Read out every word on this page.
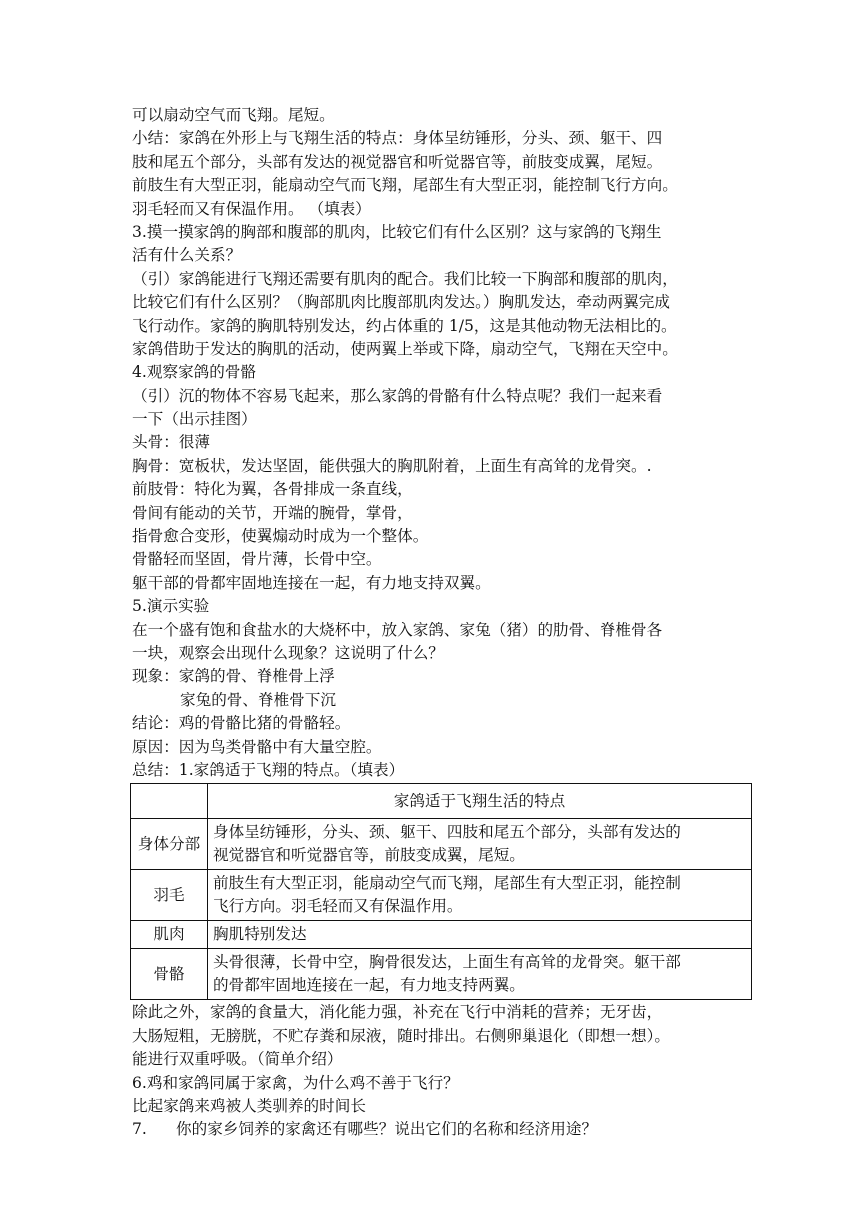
可以扇动空气而飞翔。尾短。
小结：家鸽在外形上与飞翔生活的特点：身体呈纺锤形，分头、颈、躯干、四
肢和尾五个部分，头部有发达的视觉器官和听觉器官等，前肢变成翼，尾短。
前肢生有大型正羽，能扇动空气而飞翔，尾部生有大型正羽，能控制飞行方向。
羽毛轻而又有保温作用。 （填表）
3.摸一摸家鸽的胸部和腹部的肌肉，比较它们有什么区别？这与家鸽的飞翔生
活有什么关系？
（引）家鸽能进行飞翔还需要有肌肉的配合。我们比较一下胸部和腹部的肌肉，
比较它们有什么区别？（胸部肌肉比腹部肌肉发达。）胸肌发达，牵动两翼完成
飞行动作。家鸽的胸肌特别发达，约占体重的 1/5，这是其他动物无法相比的。
家鸽借助于发达的胸肌的活动，使两翼上举或下降，扇动空气，飞翔在天空中。
4.观察家鸽的骨骼
（引）沉的物体不容易飞起来，那么家鸽的骨骼有什么特点呢？我们一起来看
一下（出示挂图）
头骨：很薄
胸骨：宽板状，发达坚固，能供强大的胸肌附着，上面生有高耸的龙骨突。.
前肢骨：特化为翼，各骨排成一条直线，
骨间有能动的关节，开端的腕骨，掌骨，
指骨愈合变形，使翼煽动时成为一个整体。
骨骼轻而坚固，骨片薄，长骨中空。
躯干部的骨都牢固地连接在一起，有力地支持双翼。
5.演示实验
在一个盛有饱和食盐水的大烧杯中，放入家鸽、家兔（猪）的肋骨、脊椎骨各
一块，观察会出现什么现象？这说明了什么？
现象：家鸽的骨、脊椎骨上浮
家兔的骨、脊椎骨下沉
结论：鸡的骨骼比猪的骨骼轻。
原因：因为鸟类骨骼中有大量空腔。
总结：1.家鸽适于飞翔的特点。（填表）
	家鸽适于飞翔生活的特点
身体分部	身体呈纺锤形，分头、颈、躯干、四肢和尾五个部分，头部有发达的
视觉器官和听觉器官等，前肢变成翼，尾短。

羽毛	前肢生有大型正羽，能扇动空气而飞翔，尾部生有大型正羽，能控制
飞行方向。羽毛轻而又有保温作用。

肌肉	胸肌特别发达

骨骼	头骨很薄，长骨中空，胸骨很发达，上面生有高耸的龙骨突。躯干部
的骨都牢固地连接在一起，有力地支持两翼。
除此之外，家鸽的食量大，消化能力强，补充在飞行中消耗的营养；无牙齿，
大肠短粗，无膀胱，不贮存粪和尿液，随时排出。右侧卵巢退化（即想一想）。
能进行双重呼吸。（简单介绍）
6.鸡和家鸽同属于家禽，为什么鸡不善于飞行？
比起家鸽来鸡被人类驯养的时间长
7. 你的家乡饲养的家禽还有哪些？说出它们的名称和经济用途？
